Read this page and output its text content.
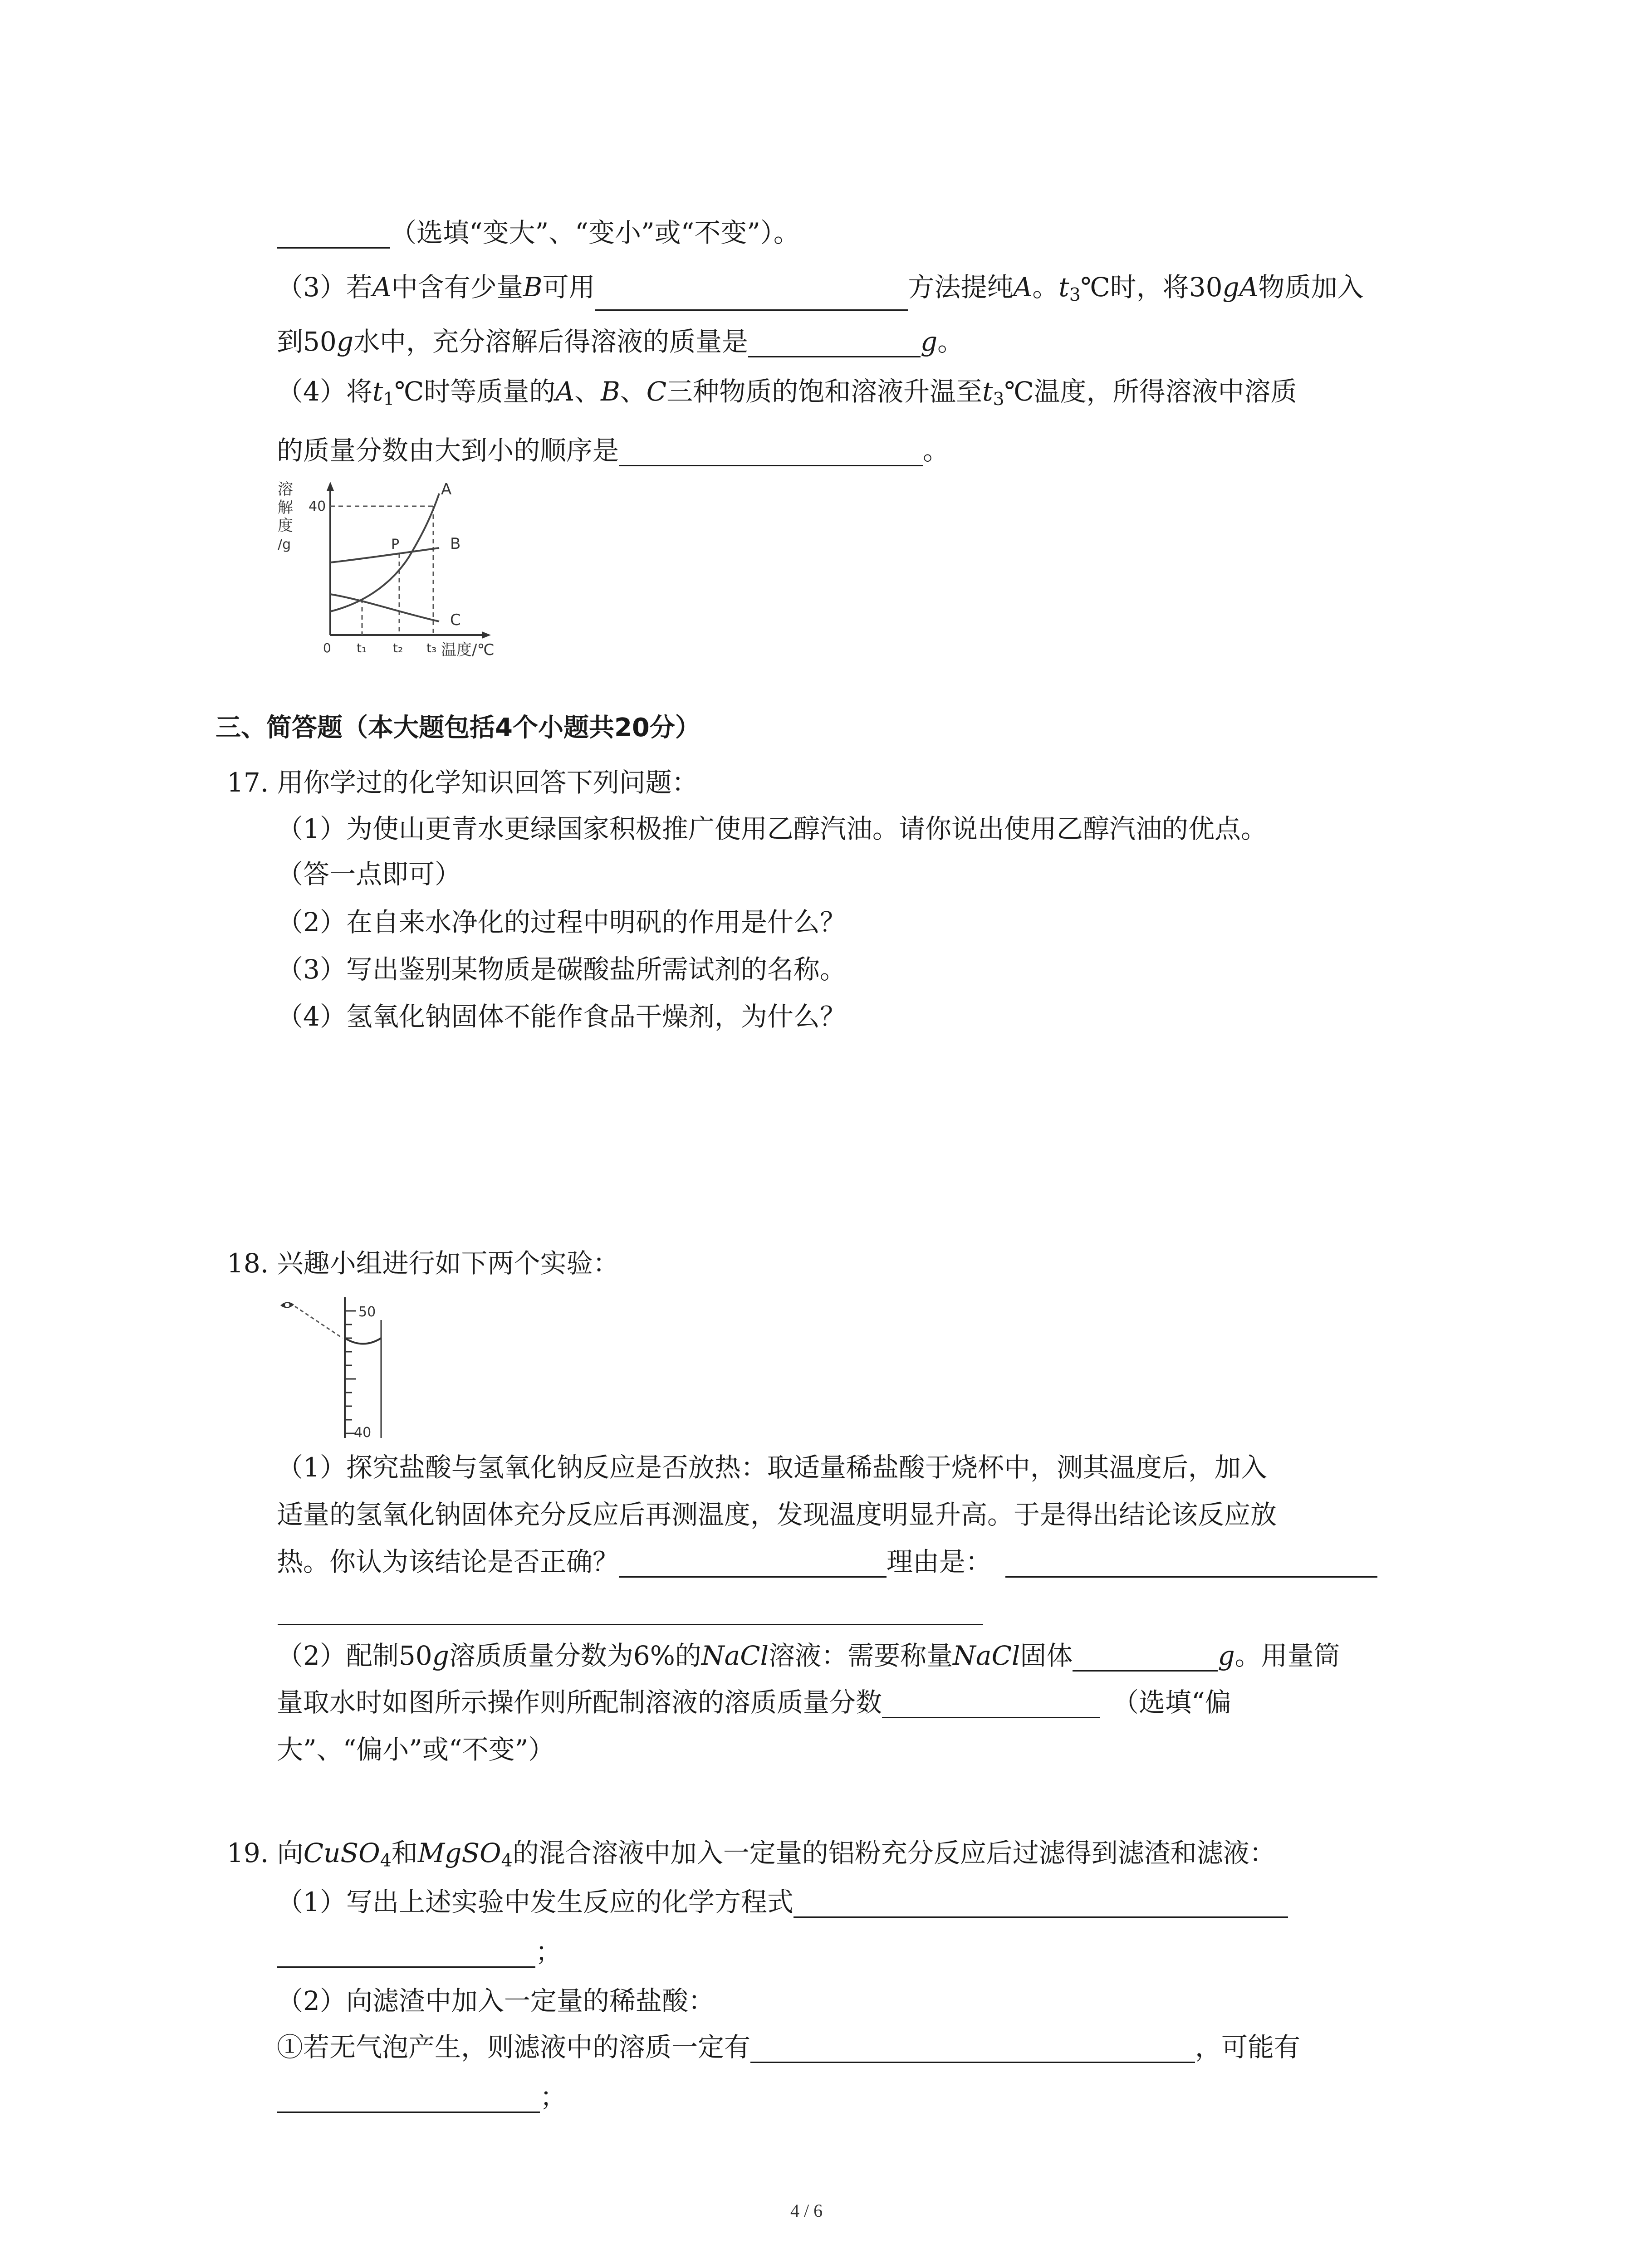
（选填“变大”、“变小”或“不变”）。
（3）若A中含有少量B可用	方法提纯A。$t_3℃$时，将30gA物质加入
到50g水中，充分溶解后得溶液的质量是	g。
（4）将$t_1℃$时等质量的A、B、C三种物质的饱和溶液升温至$t_3℃$温度，所得溶液中溶质
的质量分数由大到小的顺序是	。
溶
解
度
/g
40
A
B
C
P
0 t₁ t₂ t₃ 温度/℃
三、简答题（本大题包括4个小题共20分）
17. 用你学过的化学知识回答下列问题：
（1）为使山更青水更绿国家积极推广使用乙醇汽油。请你说出使用乙醇汽油的优点。
（答一点即可）
（2）在自来水净化的过程中明矾的作用是什么？
（3）写出鉴别某物质是碳酸盐所需试剂的名称。
（4）氢氧化钠固体不能作食品干燥剂，为什么？
18. 兴趣小组进行如下两个实验：
50
40
（1）探究盐酸与氢氧化钠反应是否放热：取适量稀盐酸于烧杯中，测其温度后，加入
适量的氢氧化钠固体充分反应后再测温度，发现温度明显升高。于是得出结论该反应放
热。你认为该结论是否正确？	理由是：
（2）配制50g溶质质量分数为6%的NaCl溶液：需要称量NaCl固体	g。用量筒
量取水时如图所示操作则所配制溶液的溶质质量分数	（选填“偏
大”、“偏小”或“不变”）
19. 向CuSO$_4$和MgSO$_4$的混合溶液中加入一定量的铝粉充分反应后过滤得到滤渣和滤液：
（1）写出上述实验中发生反应的化学方程式
；
（2）向滤渣中加入一定量的稀盐酸：
①若无气泡产生，则滤液中的溶质一定有	，可能有
；
4 / 6
